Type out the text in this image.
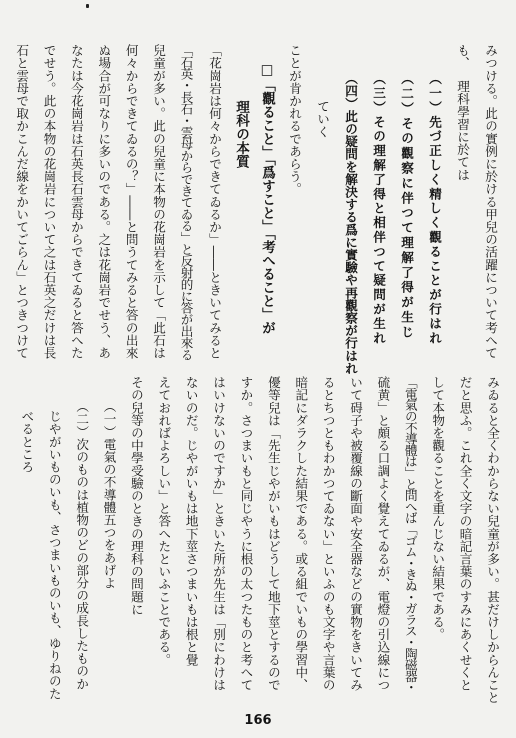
みつける。此の實例に於ける甲兒の活躍について考へて
も、理科學習に於ては
（一）先づ正しく精しく觀ることが行はれ
（二）その觀察に伴つて理解了得が生じ
（三）その理解了得と相伴つて疑問が生れ
（四）此の疑問を解決する爲に實驗や再觀察が行はれ
ていく
ことが肯かれるであらう。
□「觀ること」「爲すこと」「考へること」が
理科の本質
「花崗岩は何々からできてゐるか」――ときいてみると
「石英・長石・雲母からできてゐる」と反射的に答が出來る
兒童が多い。此の兒童に本物の花崗岩を示して「此石は
何々からできてゐるの？」――と問うてみると答の出來
ぬ場合が可なりに多いのである。之は花崗岩でせう、あ
なたは今花崗岩は石英長石雲母からできてゐると答へた
でせう。此の本物の花崗岩について之は石英之だけは長
石と雲母で取かこんだ線をかいてごらん」とつきつけて
みゐると全くわからない兒童が多い。甚だけしからんこと
だと思ふ。これ全く文字の暗記言葉のすみにあくせくと
して本物を觀ることを重んじない結果である。
「電氣の不導體は」と問へば「ゴム・きぬ・ガラス・陶磁器・
硫黄」と頗る口調よく覺えてゐるが、電燈の引込線につ
いて碍子や被覆線の斷面や安全器などの實物をきいてみ
るとちつともわかつてゐない」といふのも文字や言葉の
暗記にダラクした結果である。或る組でいもの學習中、
優等兒は「先生じやがいもはどうして地下莖とするので
すか。さつまいもと同じやうに根の太つたものと考へて
はいけないのですか」ときいた所が先生は「別にわけは
ないのだ。じやがいもは地下莖さつまいもは根と覺
えておればよろしい」と答へたといふことである。
その兒等の中學受驗のときの理科の問題に
（一）電氣の不導體五つをあげよ
（二）次のものは植物のどの部分の成長したものか
じやがいものいも、さつまいものいも、ゆりねのた
べるところ
166
